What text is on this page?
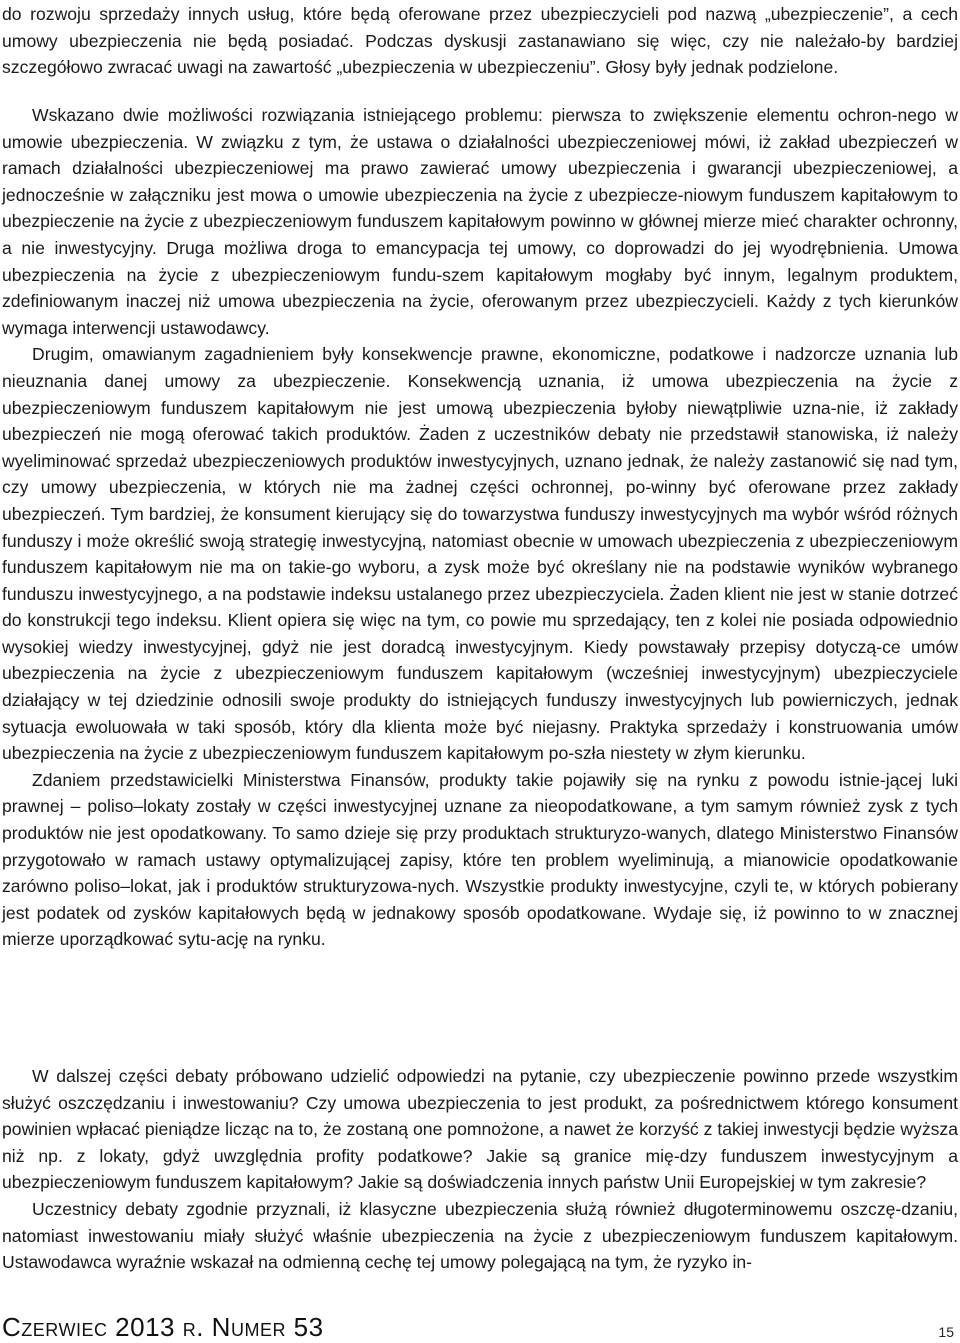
do rozwoju sprzedaży innych usług, które będą oferowane przez ubezpieczycieli pod nazwą „ubezpieczenie”, a cech umowy ubezpieczenia nie będą posiadać. Podczas dyskusji zastanawiano się więc, czy nie należało-by bardziej szczegółowo zwracać uwagi na zawartość „ubezpieczenia w ubezpieczeniu”. Głosy były jednak podzielone.

Wskazano dwie możliwości rozwiązania istniejącego problemu: pierwsza to zwiększenie elementu ochron-nego w umowie ubezpieczenia. W związku z tym, że ustawa o działalności ubezpieczeniowej mówi, iż zakład ubezpieczeń w ramach działalności ubezpieczeniowej ma prawo zawierać umowy ubezpieczenia i gwarancji ubezpieczeniowej, a jednocześnie w załączniku jest mowa o umowie ubezpieczenia na życie z ubezpiecze-niowym funduszem kapitałowym to ubezpieczenie na życie z ubezpieczeniowym funduszem kapitałowym powinno w głównej mierze mieć charakter ochronny, a nie inwestycyjny. Druga możliwa droga to emancypacja tej umowy, co doprowadzi do jej wyodrębnienia. Umowa ubezpieczenia na życie z ubezpieczeniowym fundu-szem kapitałowym mogłaby być innym, legalnym produktem, zdefiniowanym inaczej niż umowa ubezpieczenia na życie, oferowanym przez ubezpieczycieli. Każdy z tych kierunków wymaga interwencji ustawodawcy.

Drugim, omawianym zagadnieniem były konsekwencje prawne, ekonomiczne, podatkowe i nadzorcze uznania lub nieuznania danej umowy za ubezpieczenie. Konsekwencją uznania, iż umowa ubezpieczenia na życie z ubezpieczeniowym funduszem kapitałowym nie jest umową ubezpieczenia byłoby niewątpliwie uzna-nie, iż zakłady ubezpieczeń nie mogą oferować takich produktów. Żaden z uczestników debaty nie przedstawił stanowiska, iż należy wyeliminować sprzedaż ubezpieczeniowych produktów inwestycyjnych, uznano jednak, że należy zastanowić się nad tym, czy umowy ubezpieczenia, w których nie ma żadnej części ochronnej, po-winny być oferowane przez zakłady ubezpieczeń. Tym bardziej, że konsument kierujący się do towarzystwa funduszy inwestycyjnych ma wybór wśród różnych funduszy i może określić swoją strategię inwestycyjną, natomiast obecnie w umowach ubezpieczenia z ubezpieczeniowym funduszem kapitałowym nie ma on takie-go wyboru, a zysk może być określany nie na podstawie wyników wybranego funduszu inwestycyjnego, a na podstawie indeksu ustalanego przez ubezpieczyciela. Żaden klient nie jest w stanie dotrzeć do konstrukcji tego indeksu. Klient opiera się więc na tym, co powie mu sprzedający, ten z kolei nie posiada odpowiednio wysokiej wiedzy inwestycyjnej, gdyż nie jest doradcą inwestycyjnym. Kiedy powstawały przepisy dotyczą-ce umów ubezpieczenia na życie z ubezpieczeniowym funduszem kapitałowym (wcześniej inwestycyjnym) ubezpieczyciele działający w tej dziedzinie odnosili swoje produkty do istniejących funduszy inwestycyjnych lub powierniczych, jednak sytuacja ewoluowała w taki sposób, który dla klienta może być niejasny. Praktyka sprzedaży i konstruowania umów ubezpieczenia na życie z ubezpieczeniowym funduszem kapitałowym po-szła niestety w złym kierunku.

Zdaniem przedstawicielki Ministerstwa Finansów, produkty takie pojawiły się na rynku z powodu istnie-jącej luki prawnej – poliso–lokaty zostały w części inwestycyjnej uznane za nieopodatkowane, a tym samym również zysk z tych produktów nie jest opodatkowany. To samo dzieje się przy produktach strukturyzo-wanych, dlatego Ministerstwo Finansów przygotowało w ramach ustawy optymalizującej zapisy, które ten problem wyeliminują, a mianowicie opodatkowanie zarówno poliso–lokat, jak i produktów strukturyzowa-nych. Wszystkie produkty inwestycyjne, czyli te, w których pobierany jest podatek od zysków kapitałowych będą w jednakowy sposób opodatkowane. Wydaje się, iż powinno to w znacznej mierze uporządkować sytu-ację na rynku.

W dalszej części debaty próbowano udzielić odpowiedzi na pytanie, czy ubezpieczenie powinno przede wszystkim służyć oszczędzaniu i inwestowaniu? Czy umowa ubezpieczenia to jest produkt, za pośrednictwem którego konsument powinien wpłacać pieniądze licząc na to, że zostaną one pomnożone, a nawet że korzyść z takiej inwestycji będzie wyższa niż np. z lokaty, gdyż uwzględnia profity podatkowe? Jakie są granice mię-dzy funduszem inwestycyjnym a ubezpieczeniowym funduszem kapitałowym? Jakie są doświadczenia innych państw Unii Europejskiej w tym zakresie?

Uczestnicy debaty zgodnie przyznali, iż klasyczne ubezpieczenia służą również długoterminowemu oszczę-dzaniu, natomiast inwestowaniu miały służyć właśnie ubezpieczenia na życie z ubezpieczeniowym funduszem kapitałowym. Ustawodawca wyraźnie wskazał na odmienną cechę tej umowy polegającą na tym, że ryzyko in-

Czerwiec 2013 r. Numer 53	15
